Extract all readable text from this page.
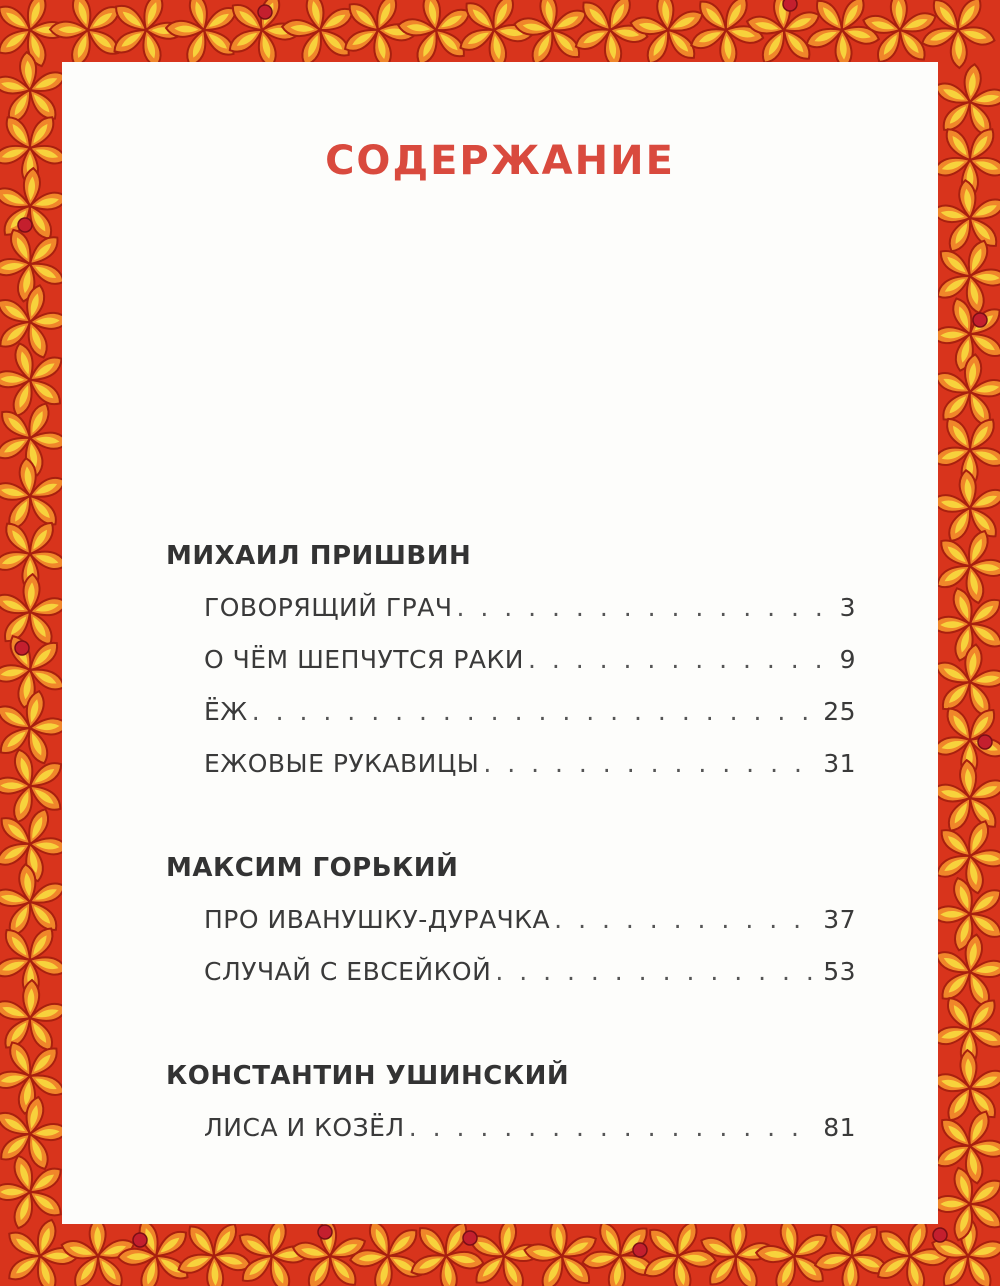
СОДЕРЖАНИЕ
МИХАИЛ ПРИШВИН
ГОВОРЯЩИЙ ГРАЧ . . .	3
О ЧЁМ ШЕПЧУТСЯ РАКИ . . .	9
ЁЖ . . .	25
ЕЖОВЫЕ РУКАВИЦЫ . . .	31
МАКСИМ ГОРЬКИЙ
ПРО ИВАНУШКУ-ДУРАЧКА . . .	37
СЛУЧАЙ С ЕВСЕЙКОЙ . . .	53
КОНСТАНТИН УШИНСКИЙ
ЛИСА И КОЗЁЛ . . .	81
